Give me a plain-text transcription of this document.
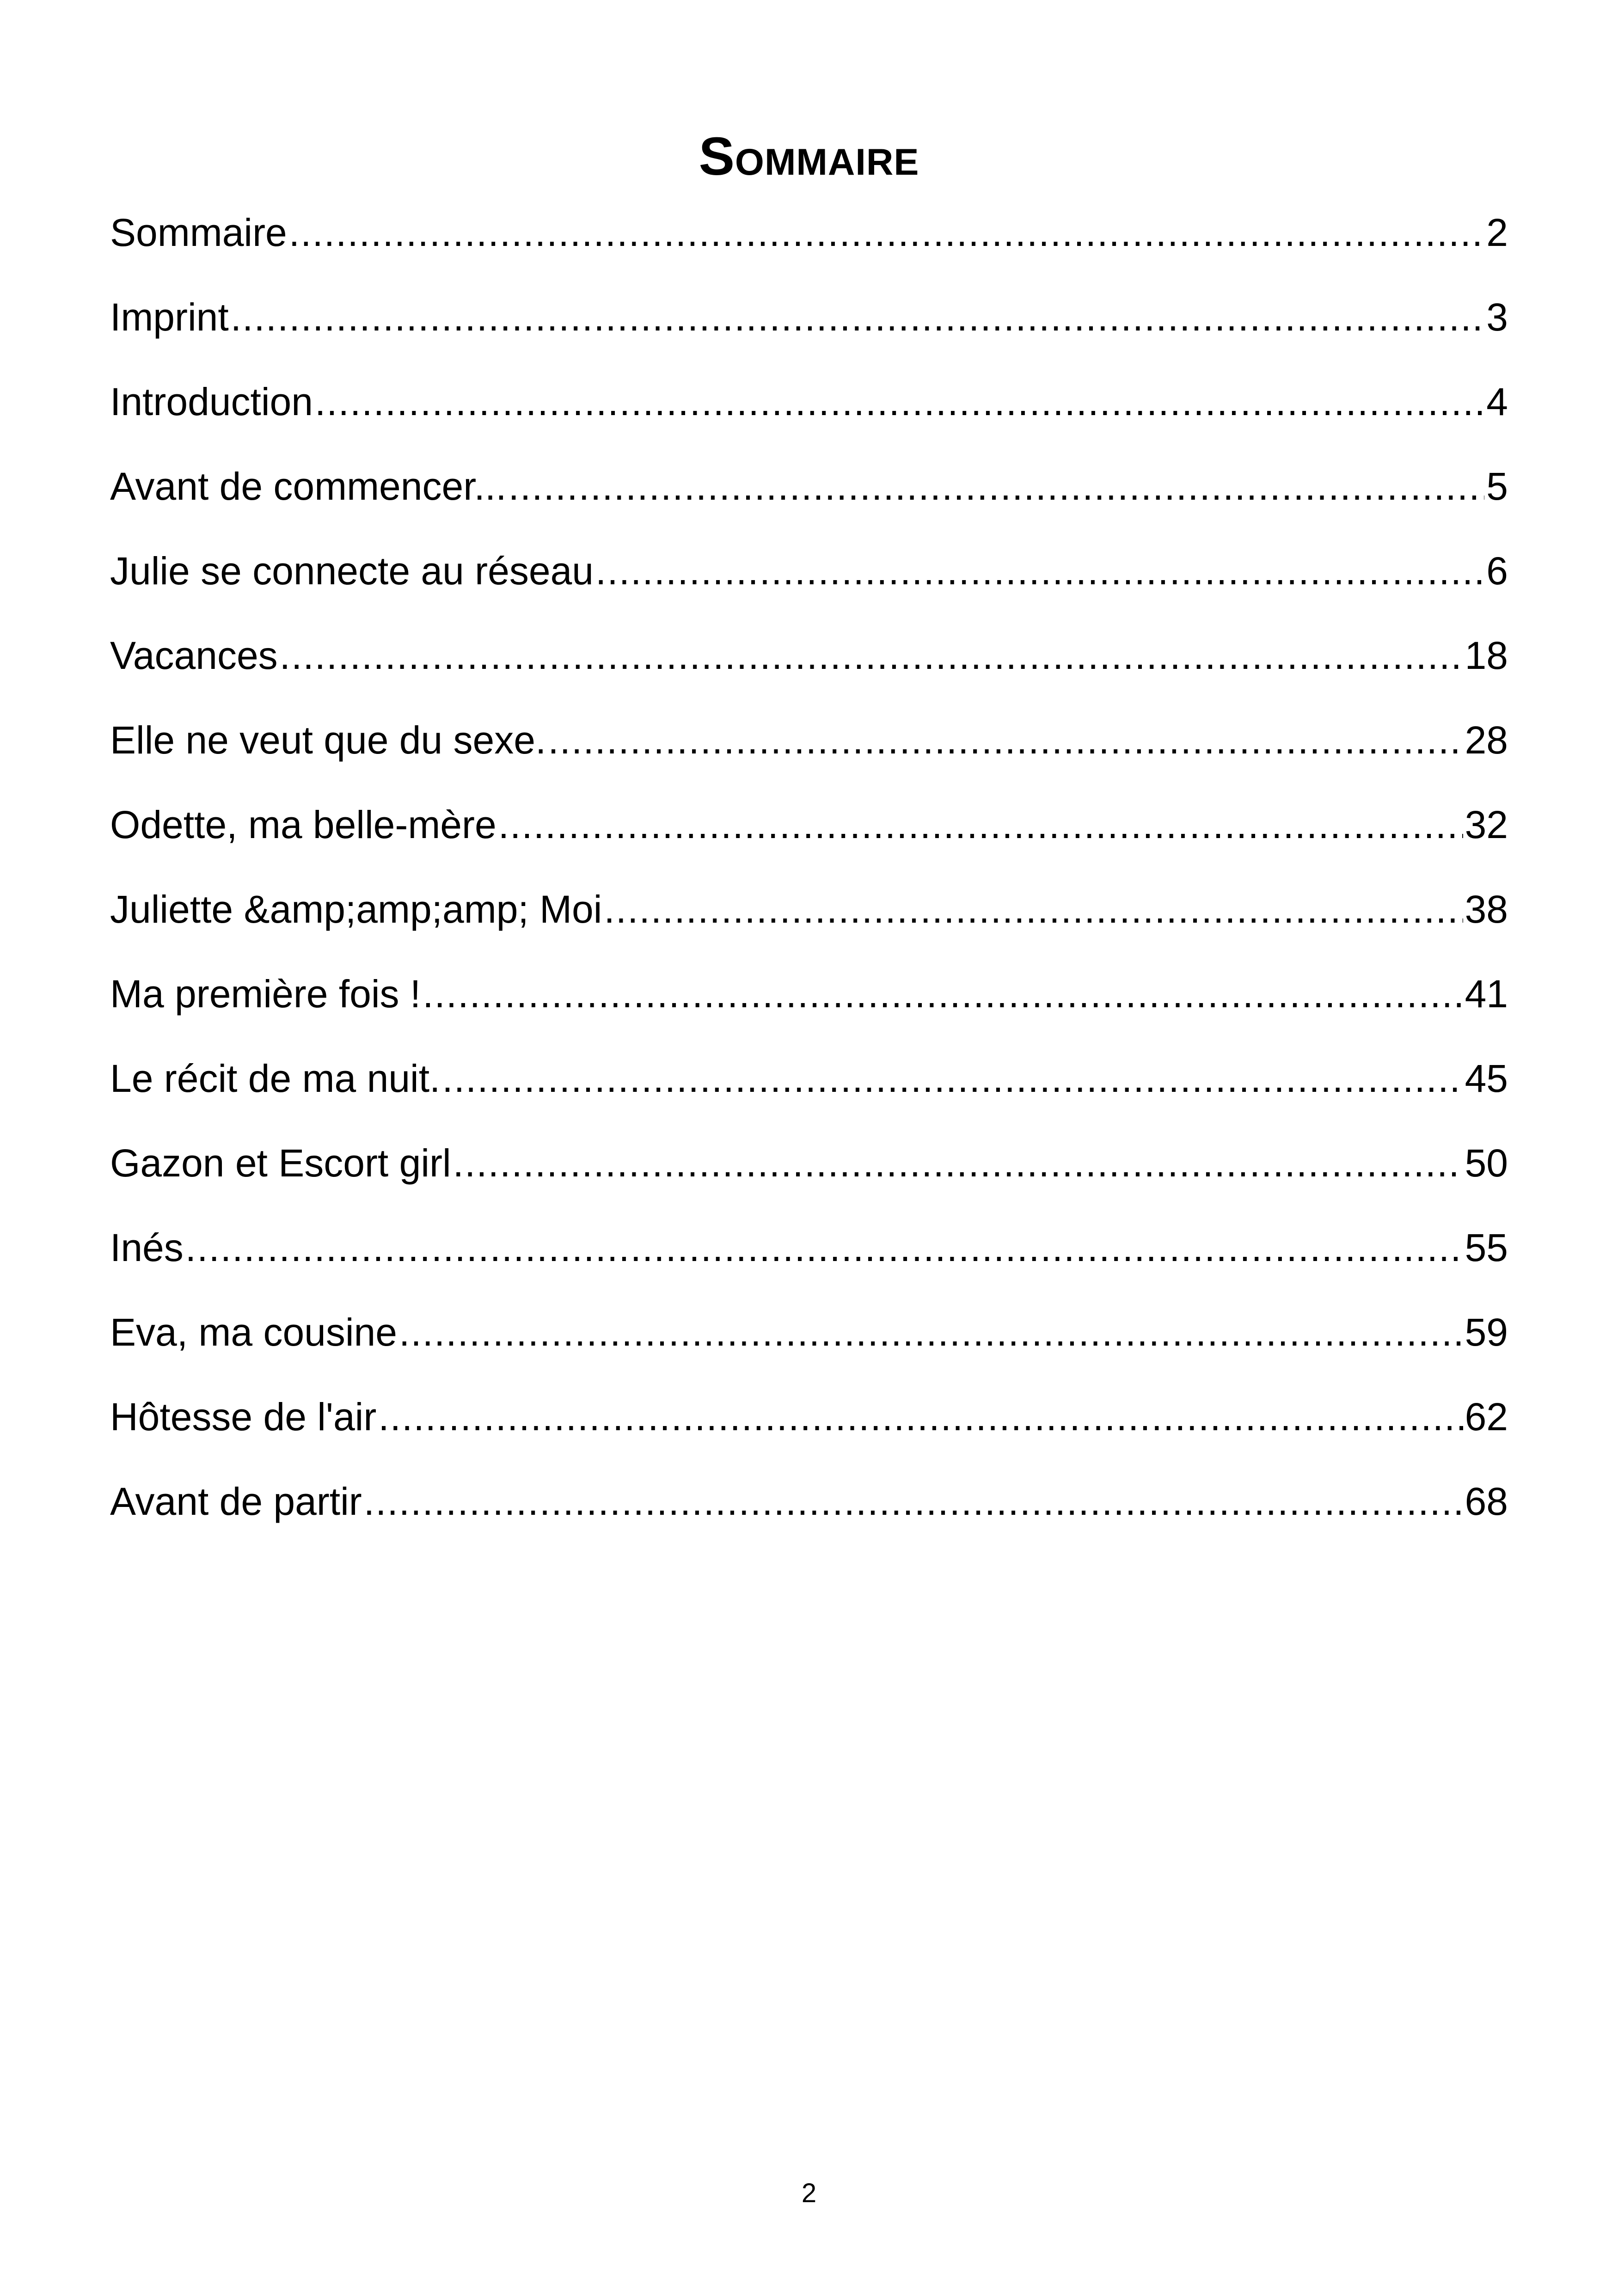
Sommaire
Sommaire .....	2
Imprint .....	3
Introduction .....	4
Avant de commencer... .....	5
Julie se connecte au réseau .....	6
Vacances .....	18
Elle ne veut que du sexe. .....	28
Odette, ma belle-mère .....	32
Juliette &amp;amp;amp; Moi .....	38
Ma première fois ! .....	41
Le récit de ma nuit. .....	45
Gazon et Escort girl .....	50
Inés .....	55
Eva, ma cousine .....	59
Hôtesse de l'air .....	62
Avant de partir .....	68
2
